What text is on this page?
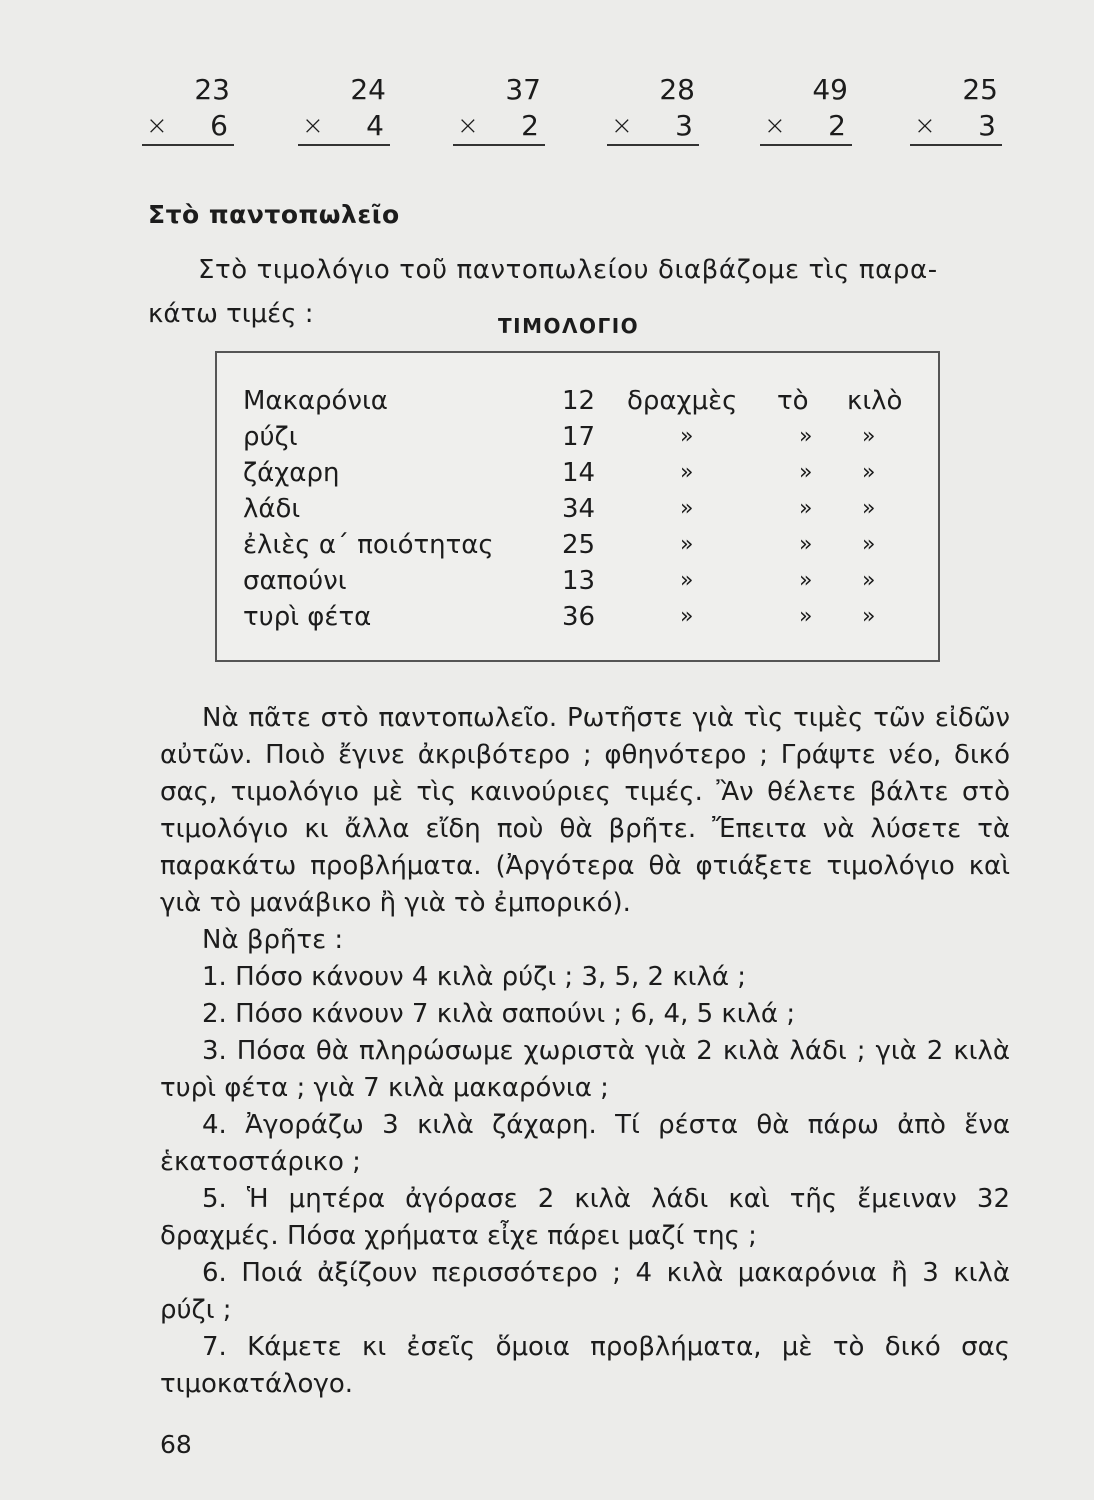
23
× 6
24
× 4
37
× 2
28
× 3
49
× 2
25
× 3
Στὸ παντοπωλεῖο
Στὸ τιμολόγιο τοῦ παντοπωλείου διαβάζομε τὶς παρα-
κάτω τιμές :	ΤΙΜΟΛΟΓΙΟ
Μακαρόνια	12 δραχμὲς τὸ κιλὸ
ρύζι	17	»	» »
ζάχαρη	14	»	» »
λάδι	34	»	» »
ἐλιὲς α΄ ποιότητας	25	»	» »
σαπούνι	13	»	» »
τυρὶ φέτα	36	»	» »

Νὰ πᾶτε στὸ παντοπωλεῖο. Ρωτῆστε γιὰ τὶς τιμὲς τῶν εἰδῶν αὐτῶν. Ποιὸ ἔγινε ἀκριβότερο ; φθηνότερο ; Γράψτε νέο, δικό σας, τιμολόγιο μὲ τὶς καινούριες τιμές. Ἂν θέλετε βάλτε στὸ τιμολόγιο κι ἄλλα εἴδη ποὺ θὰ βρῆτε. Ἔπειτα νὰ λύσετε τὰ παρακάτω προβλήματα. (Ἀργότερα θὰ φτιάξετε τιμολόγιο καὶ γιὰ τὸ μανάβικο ἢ γιὰ τὸ ἐμπορικό).

Νὰ βρῆτε :

1. Πόσο κάνουν 4 κιλὰ ρύζι ; 3, 5, 2 κιλά ;

2. Πόσο κάνουν 7 κιλὰ σαπούνι ; 6, 4, 5 κιλά ;

3. Πόσα θὰ πληρώσωμε χωριστὰ γιὰ 2 κιλὰ λάδι ; γιὰ 2 κιλὰ τυρὶ φέτα ; γιὰ 7 κιλὰ μακαρόνια ;

4. Ἀγοράζω 3 κιλὰ ζάχαρη. Τί ρέστα θὰ πάρω ἀπὸ ἕνα ἑκατοστάρικο ;

5. Ἡ μητέρα ἀγόρασε 2 κιλὰ λάδι καὶ τῆς ἔμειναν 32 δραχμές. Πόσα χρήματα εἶχε πάρει μαζί της ;

6. Ποιά ἀξίζουν περισσότερο ; 4 κιλὰ μακαρόνια ἢ 3 κιλὰ ρύζι ;

7. Κάμετε κι ἐσεῖς ὅμοια προβλήματα, μὲ τὸ δικό σας τιμοκατάλογο.

68
